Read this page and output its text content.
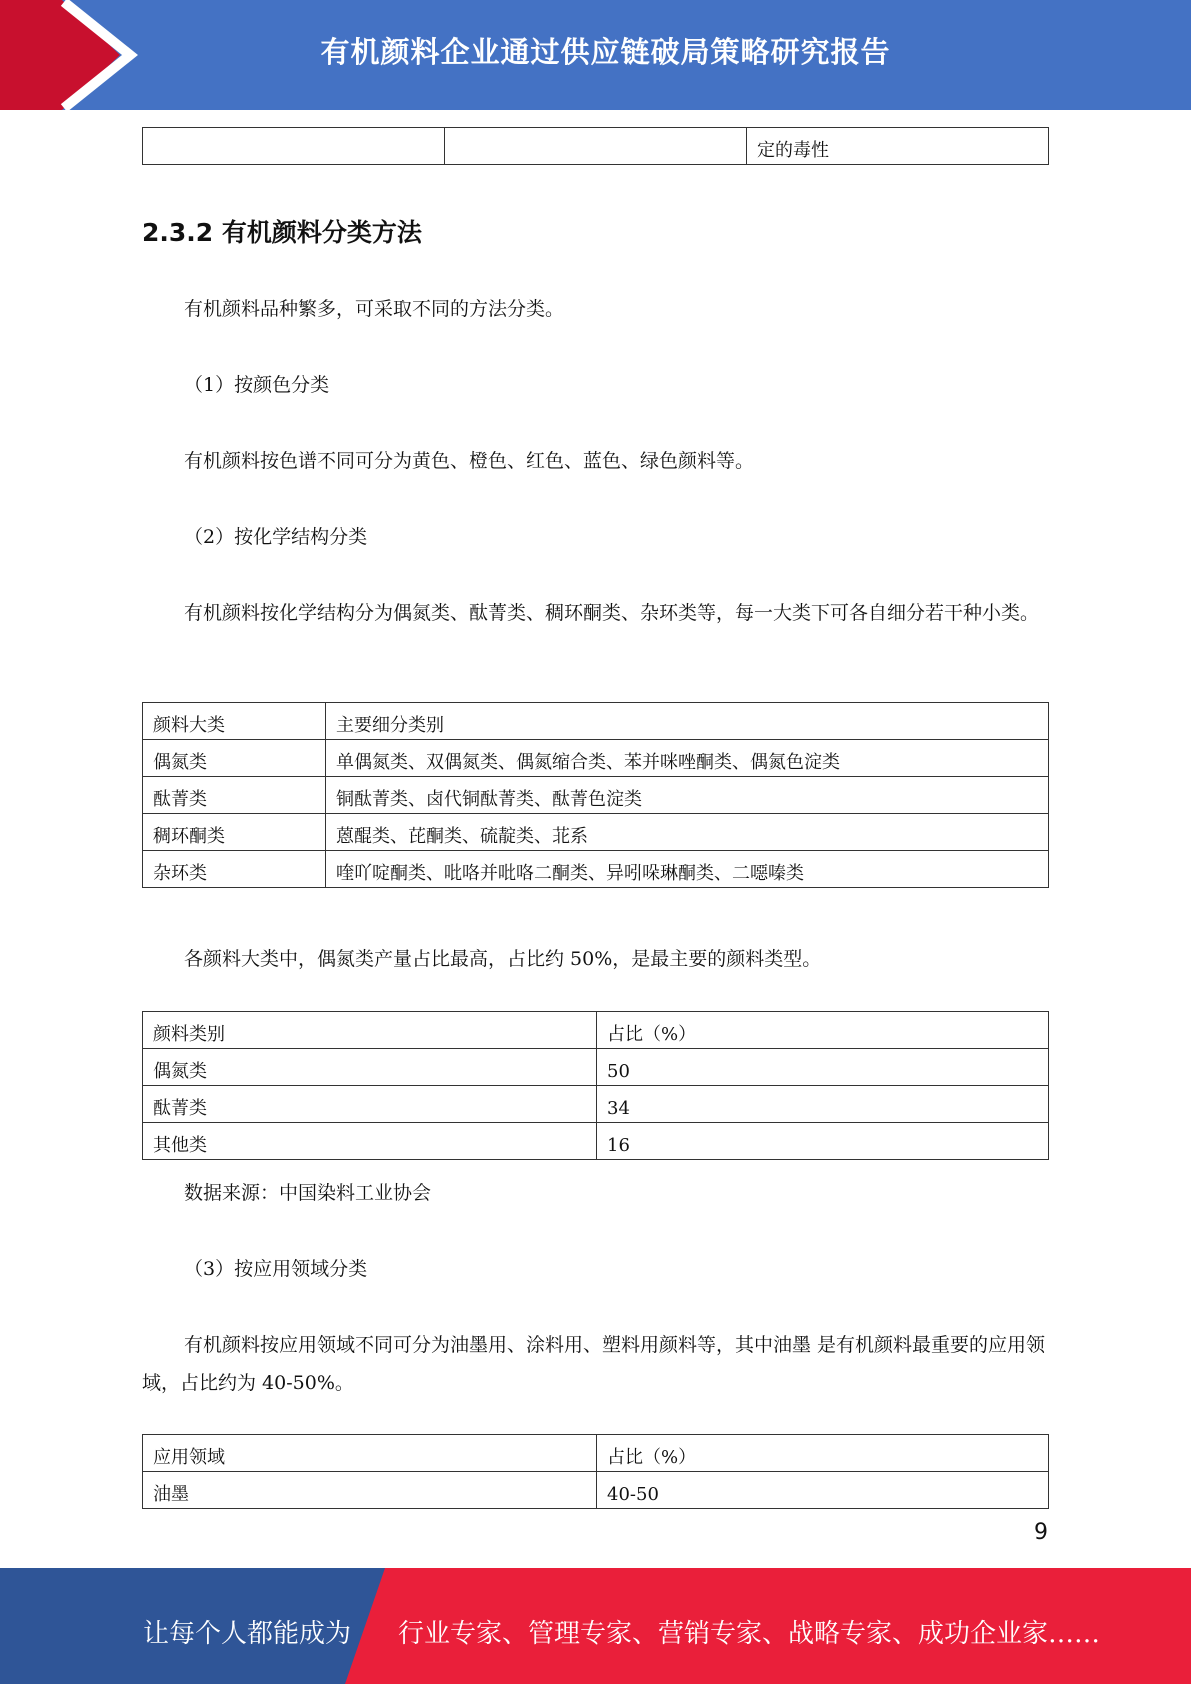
有机颜料企业通过供应链破局策略研究报告
		定的毒性
2.3.2 有机颜料分类方法
有机颜料品种繁多，可采取不同的方法分类。
（1）按颜色分类
有机颜料按色谱不同可分为黄色、橙色、红色、蓝色、绿色颜料等。
（2）按化学结构分类
有机颜料按化学结构分为偶氮类、酞菁类、稠环酮类、杂环类等，每一大类下可各自细分若干种小类。
颜料大类	主要细分类别
偶氮类	单偶氮类、双偶氮类、偶氮缩合类、苯并咪唑酮类、偶氮色淀类
酞菁类	铜酞菁类、卤代铜酞菁类、酞菁色淀类
稠环酮类	蒽醌类、芘酮类、硫靛类、苝系
杂环类	喹吖啶酮类、吡咯并吡咯二酮类、异吲哚琳酮类、二噁嗪类
各颜料大类中，偶氮类产量占比最高，占比约 50%，是最主要的颜料类型。
颜料类别	占比（%）
偶氮类	50
酞菁类	34
其他类	16
数据来源：中国染料工业协会
（3）按应用领域分类
有机颜料按应用领域不同可分为油墨用、涂料用、塑料用颜料等，其中油墨 是有机颜料最重要的应用领域，占比约为 40-50%。
应用领域	占比（%）
油墨	40-50
9
让每个人都能成为 行业专家、管理专家、营销专家、战略专家、成功企业家……
